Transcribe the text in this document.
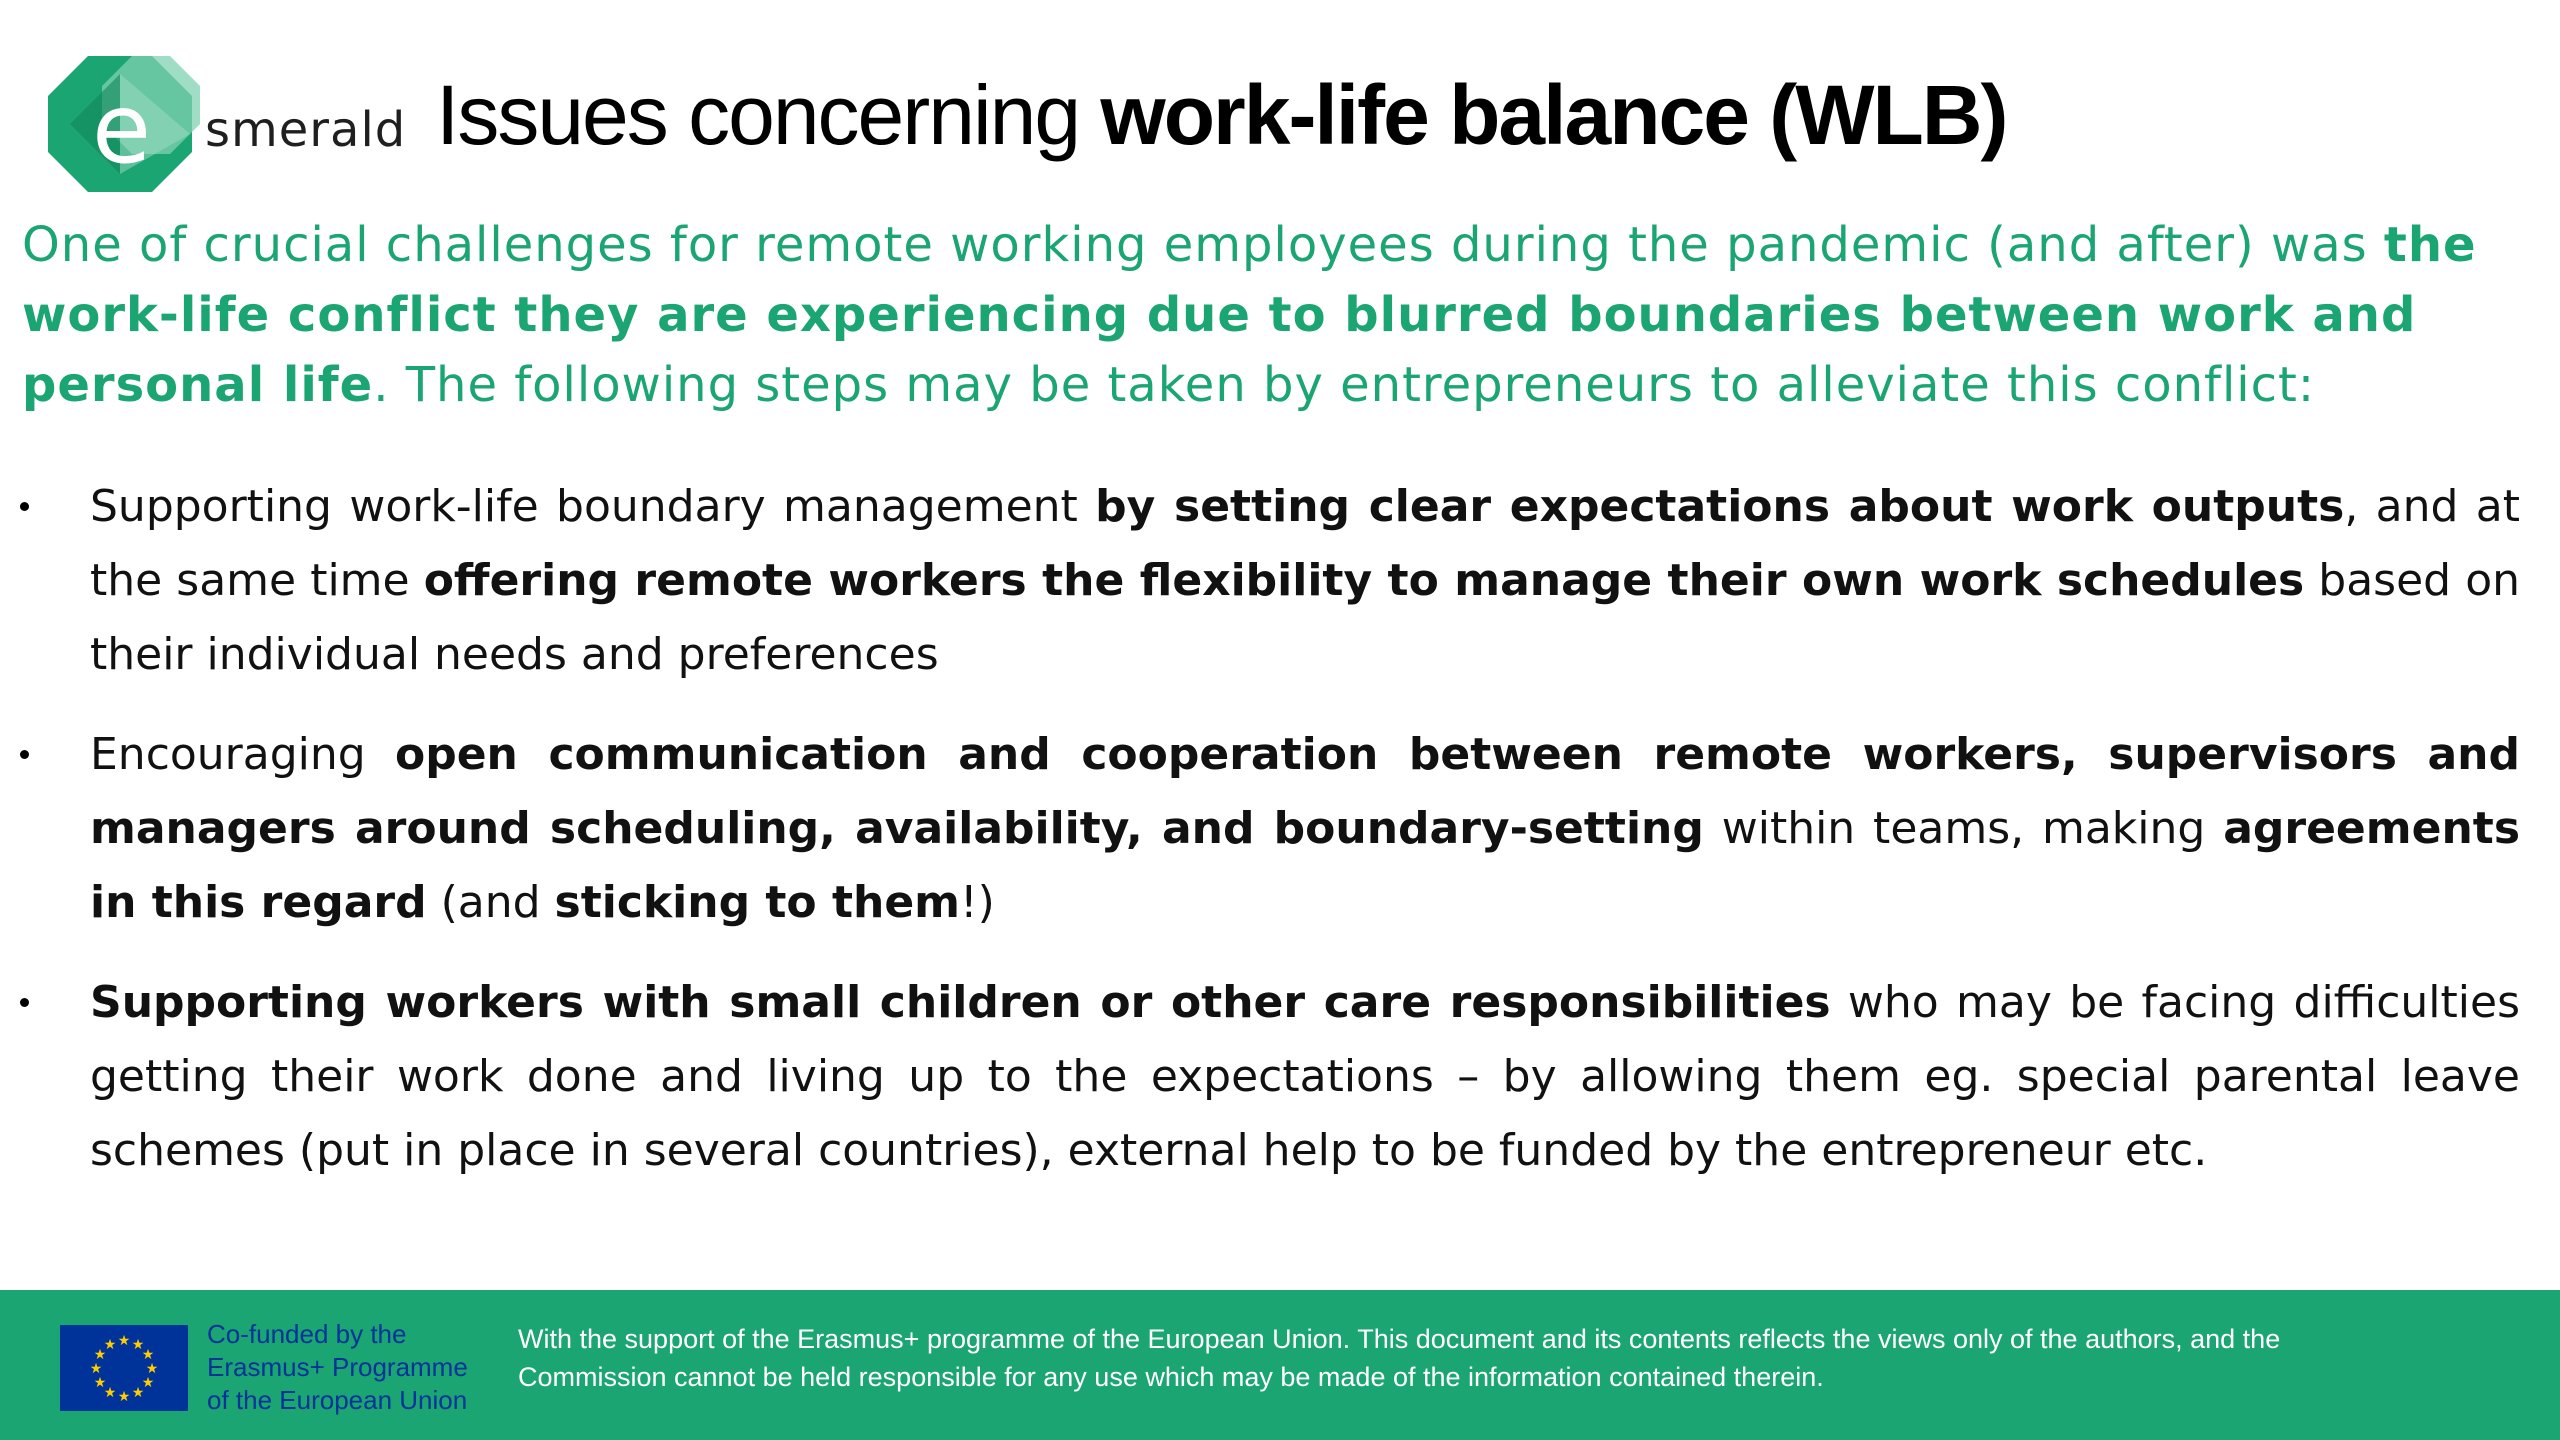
e smerald Issues concerning work-life balance (WLB)
One of crucial challenges for remote working employees during the pandemic (and after) was the work-life conflict they are experiencing due to blurred boundaries between work and personal life. The following steps may be taken by entrepreneurs to alleviate this conflict:
Supporting work-life boundary management by setting clear expectations about work outputs, and at the same time offering remote workers the flexibility to manage their own work schedules based on their individual needs and preferences
Encouraging open communication and cooperation between remote workers, supervisors and managers around scheduling, availability, and boundary-setting within teams, making agreements in this regard (and sticking to them!)
Supporting workers with small children or other care responsibilities who may be facing difficulties getting their work done and living up to the expectations – by allowing them eg. special parental leave schemes (put in place in several countries), external help to be funded by the entrepreneur etc.
★ ★
★
★
★
★
★
★
★
★
★
★	Co-funded by the
Erasmus+ Programme
of the European Union
With the support of the Erasmus+ programme of the European Union. This document and its contents reflects the views only of the authors, and the
Commission cannot be held responsible for any use which may be made of the information contained therein.
